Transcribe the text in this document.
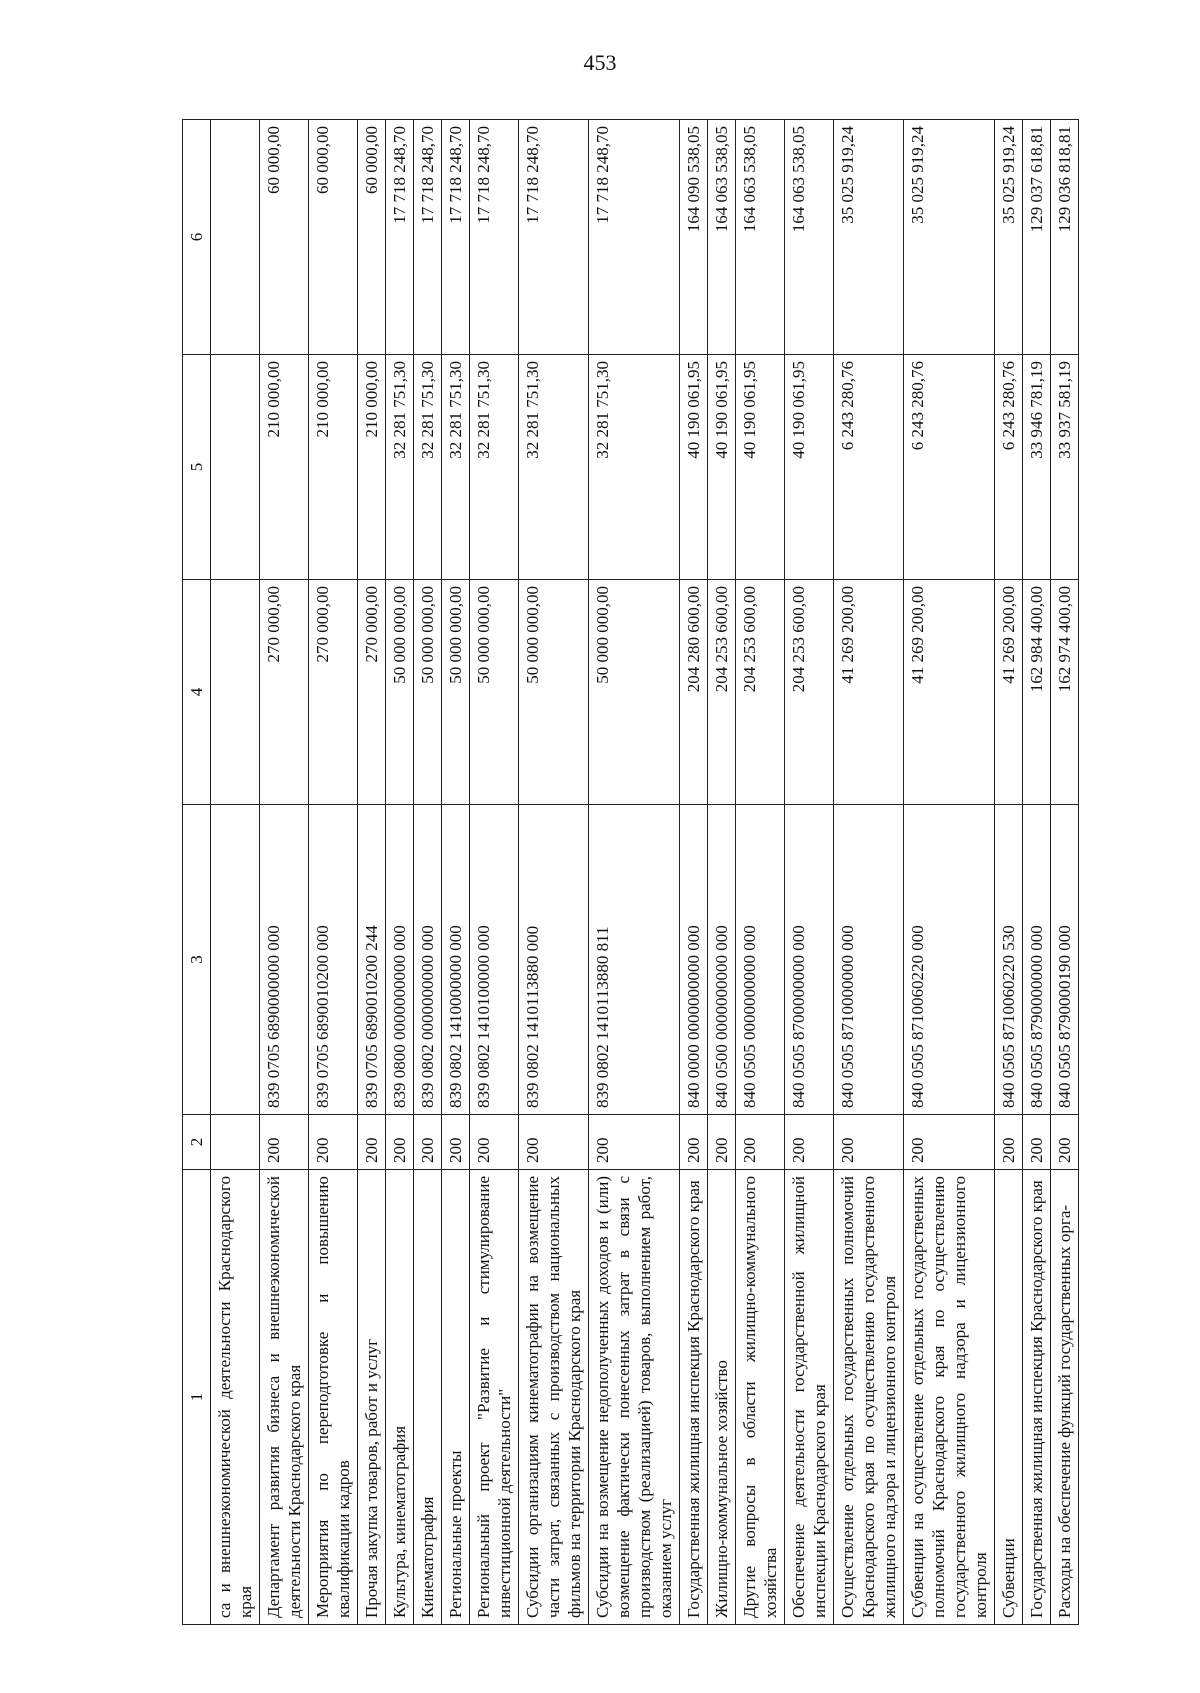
453
1	2	3	4	5	6
са и внешнеэкономической деятельности Краснодарского края					
Департамент развития бизнеса и внешнеэкономической деятельности Краснодарского края	200	839 0705 6890000000 000	270 000,00	210 000,00	60 000,00
Мероприятия по переподготовке и повышению квалификации кадров	200	839 0705 6890010200 000	270 000,00	210 000,00	60 000,00
Прочая закупка товаров, работ и услуг	200	839 0705 6890010200 244	270 000,00	210 000,00	60 000,00
Культура, кинематография	200	839 0800 0000000000 000	50 000 000,00	32 281 751,30	17 718 248,70
Кинематография	200	839 0802 0000000000 000	50 000 000,00	32 281 751,30	17 718 248,70
Региональные проекты	200	839 0802 1410000000 000	50 000 000,00	32 281 751,30	17 718 248,70
Региональный проект "Развитие и стимулирование инвестиционной деятельности"	200	839 0802 1410100000 000	50 000 000,00	32 281 751,30	17 718 248,70
Субсидии организациям кинематографии на возмещение части затрат, связанных с производством национальных фильмов на территории Краснодарского края	200	839 0802 1410113880 000	50 000 000,00	32 281 751,30	17 718 248,70
Субсидии на возмещение недополученных доходов и (или) возмещение фактически понесенных затрат в связи с производством (реализацией) товаров, выполнением работ, оказанием услуг	200	839 0802 1410113880 811	50 000 000,00	32 281 751,30	17 718 248,70
Государственная жилищная инспекция Краснодарского края	200	840 0000 0000000000 000	204 280 600,00	40 190 061,95	164 090 538,05
Жилищно-коммунальное хозяйство	200	840 0500 0000000000 000	204 253 600,00	40 190 061,95	164 063 538,05
Другие вопросы в области жилищно-коммунального хозяйства	200	840 0505 0000000000 000	204 253 600,00	40 190 061,95	164 063 538,05
Обеспечение деятельности государственной жилищной инспекции Краснодарского края	200	840 0505 8700000000 000	204 253 600,00	40 190 061,95	164 063 538,05
Осуществление отдельных государственных полномочий Краснодарского края по осуществлению государственного жилищного надзора и лицензионного контроля	200	840 0505 8710000000 000	41 269 200,00	6 243 280,76	35 025 919,24
Субвенции на осуществление отдельных государственных полномочий Краснодарского края по осуществлению государственного жилищного надзора и лицензионного контроля	200	840 0505 8710060220 000	41 269 200,00	6 243 280,76	35 025 919,24
Субвенции	200	840 0505 8710060220 530	41 269 200,00	6 243 280,76	35 025 919,24
Государственная жилищная инспекция Краснодарского края	200	840 0505 8790000000 000	162 984 400,00	33 946 781,19	129 037 618,81
Расходы на обеспечение функций государственных орга-	200	840 0505 8790000190 000	162 974 400,00	33 937 581,19	129 036 818,81
